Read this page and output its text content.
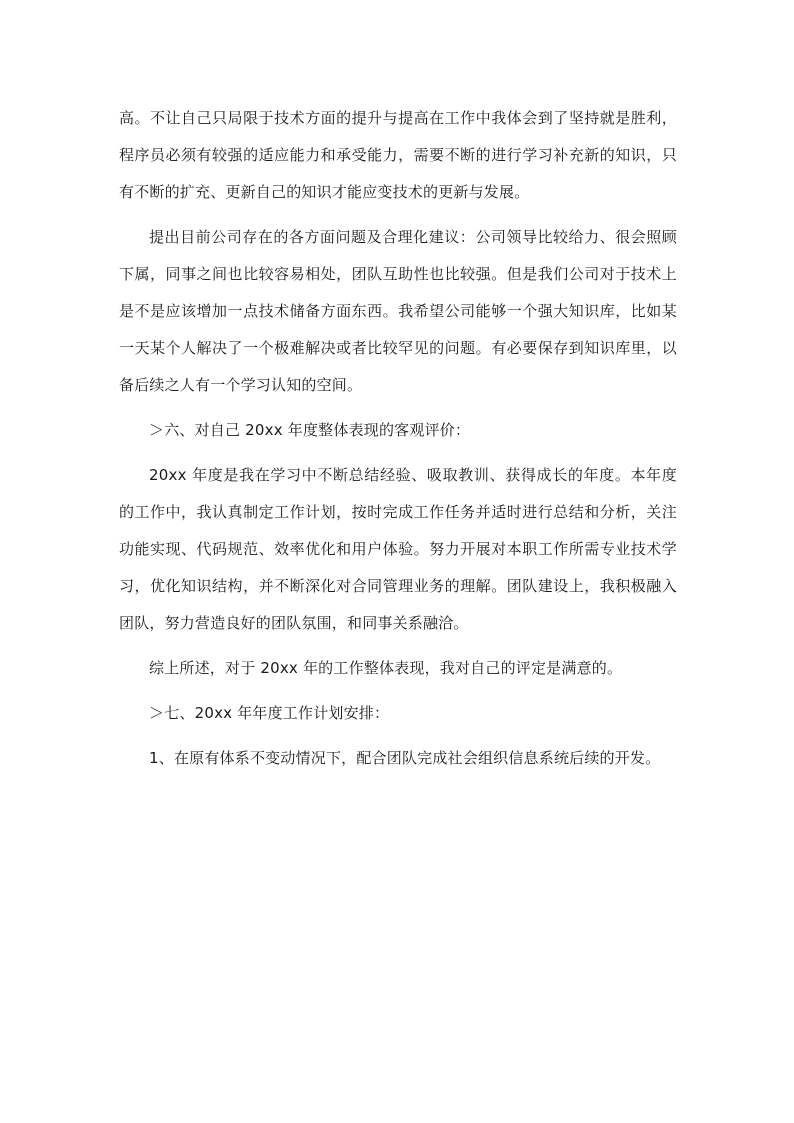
高。不让自己只局限于技术方面的提升与提高在工作中我体会到了坚持就是胜利，程序员必须有较强的适应能力和承受能力，需要不断的进行学习补充新的知识，只有不断的扩充、更新自己的知识才能应变技术的更新与发展。

提出目前公司存在的各方面问题及合理化建议：公司领导比较给力、很会照顾下属，同事之间也比较容易相处，团队互助性也比较强。但是我们公司对于技术上是不是应该增加一点技术储备方面东西。我希望公司能够一个强大知识库，比如某一天某个人解决了一个极难解决或者比较罕见的问题。有必要保存到知识库里，以备后续之人有一个学习认知的空间。

＞六、对自己 20xx 年度整体表现的客观评价：

20xx 年度是我在学习中不断总结经验、吸取教训、获得成长的年度。本年度的工作中，我认真制定工作计划，按时完成工作任务并适时进行总结和分析，关注功能实现、代码规范、效率优化和用户体验。努力开展对本职工作所需专业技术学习，优化知识结构，并不断深化对合同管理业务的理解。团队建设上，我积极融入团队，努力营造良好的团队氛围，和同事关系融洽。

综上所述，对于 20xx 年的工作整体表现，我对自己的评定是满意的。

＞七、20xx 年年度工作计划安排：

1、在原有体系不变动情况下，配合团队完成社会组织信息系统后续的开发。
